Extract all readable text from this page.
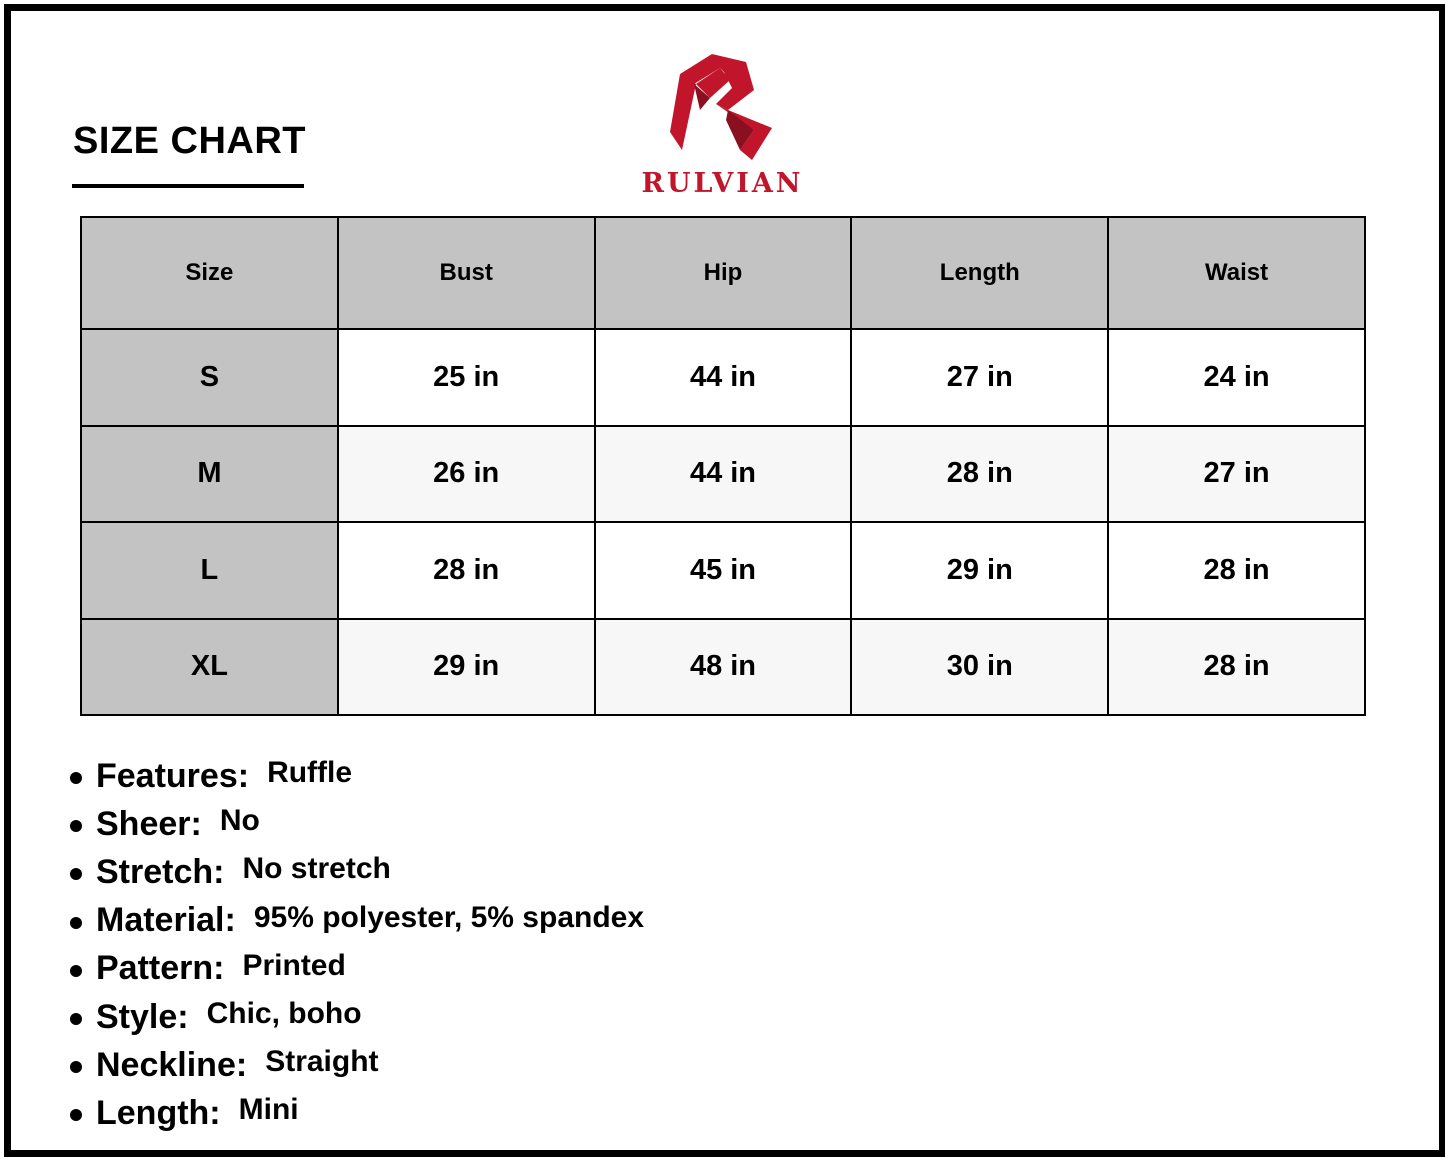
SIZE CHART
RULVIAN
Size	Bust	Hip	Length	Waist
S	25 in	44 in	27 in	24 in
M	26 in	44 in	28 in	27 in
L	28 in	45 in	29 in	28 in
XL	29 in	48 in	30 in	28 in
Features: Ruffle
Sheer: No
Stretch: No stretch
Material: 95% polyester, 5% spandex
Pattern: Printed
Style: Chic, boho
Neckline: Straight
Length: Mini
